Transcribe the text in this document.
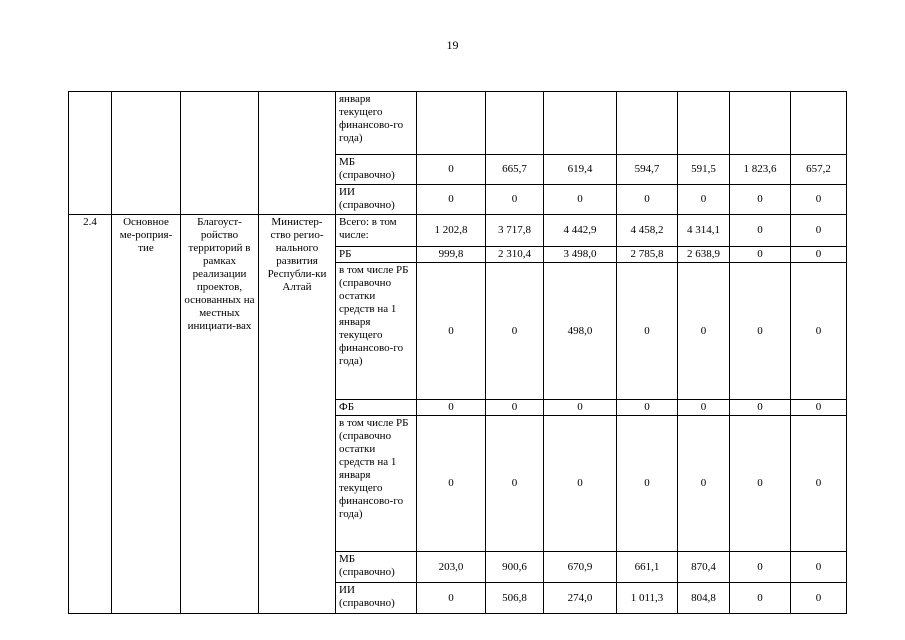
19
				января текущего финансово-го года)							
				МБ (справочно)	0	665,7	619,4	594,7	591,5	1 823,6	657,2
				ИИ (справочно)	0	0	0	0	0	0	0
2.4	Основное ме-роприя-тие	Благоуст-ройство территорий в рамках реализации проектов, основанных на местных инициати-вах	Министер-ство регио-нального развития Республи-ки Алтай	Всего: в том числе:	1 202,8	3 717,8	4 442,9	4 458,2	4 314,1	0	0
				РБ	999,8	2 310,4	3 498,0	2 785,8	2 638,9	0	0
				в том числе РБ (справочно остатки средств на 1 января текущего финансово-го года)	0	0	498,0	0	0	0	0
				ФБ	0	0	0	0	0	0	0
				в том числе РБ (справочно остатки средств на 1 января текущего финансово-го года)	0	0	0	0	0	0	0
				МБ (справочно)	203,0	900,6	670,9	661,1	870,4	0	0
				ИИ (справочно)	0	506,8	274,0	1 011,3	804,8	0	0
